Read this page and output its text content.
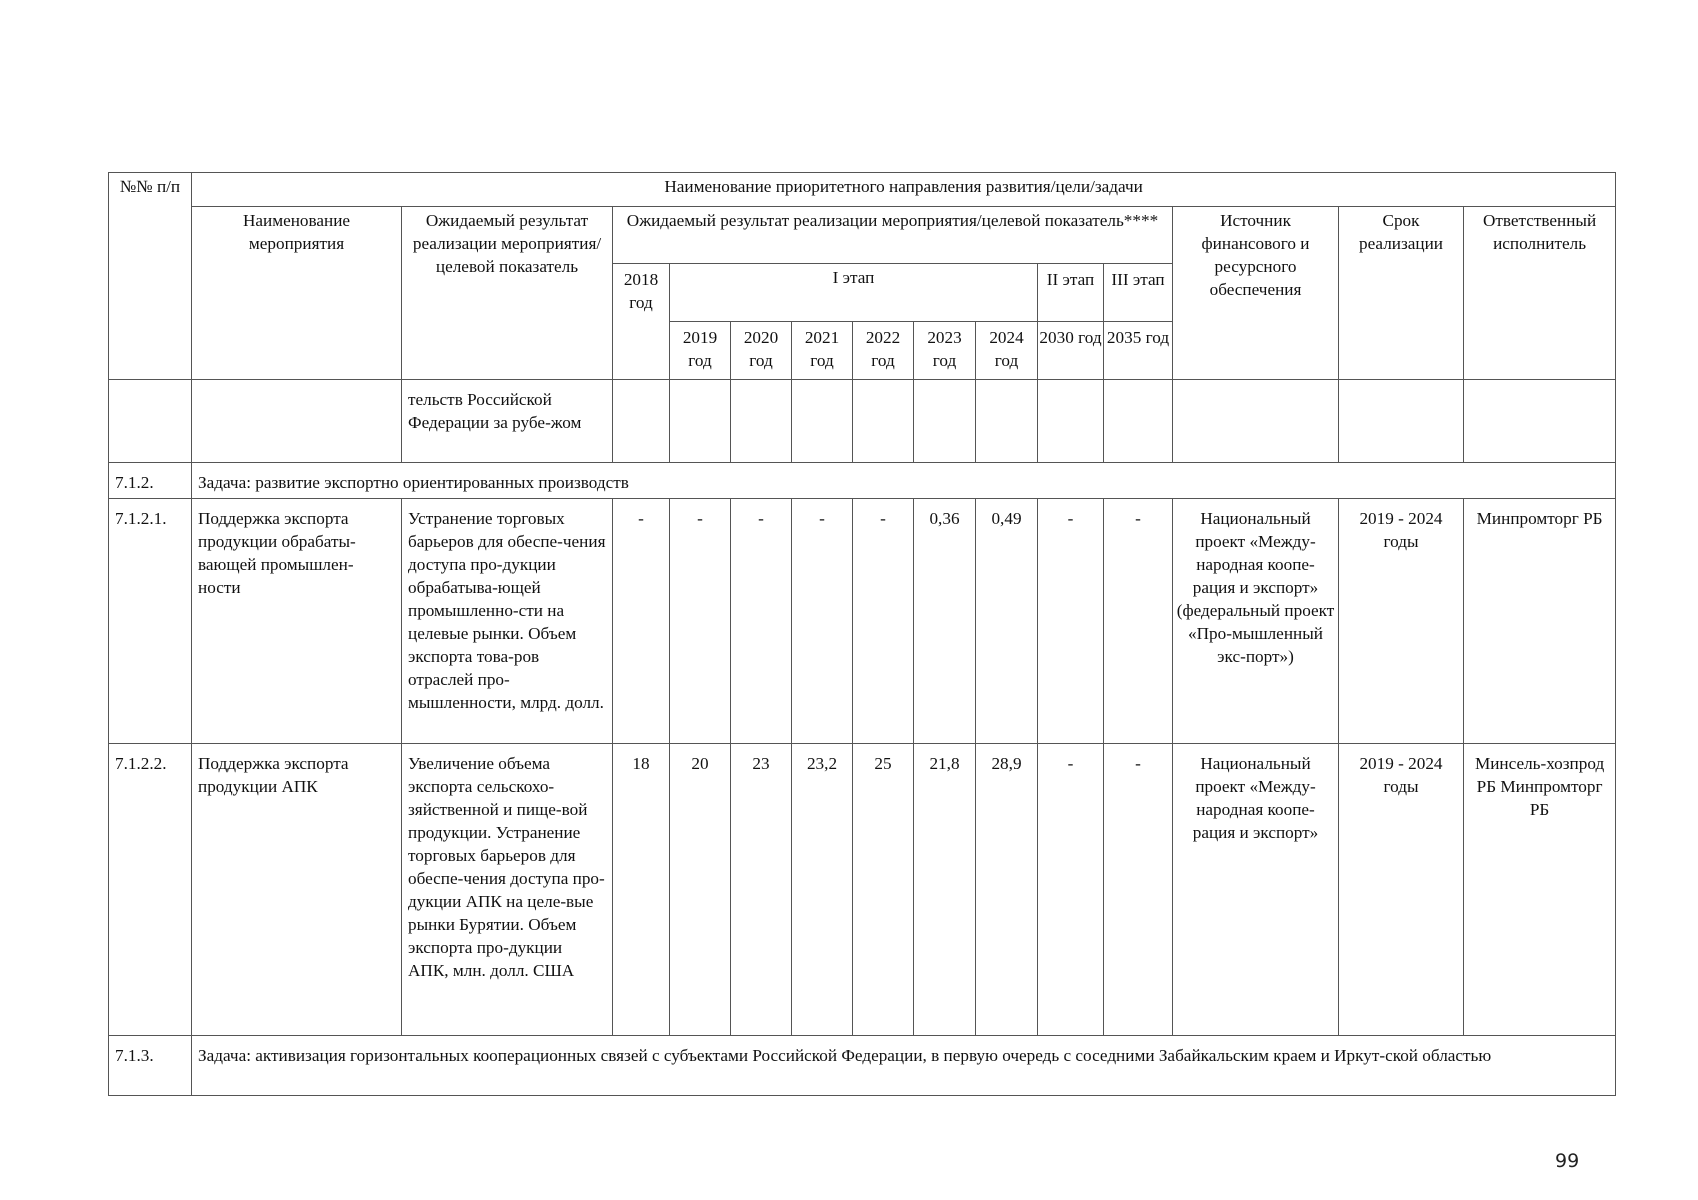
№№ п/п	Наименование приоритетного направления развития/цели/задачи													
	Наименование мероприятия	Ожидаемый результат реализации мероприятия/целевой показатель	Ожидаемый результат реализации мероприятия/целевой показатель****									Источник финансового и ресурсного обеспечения	Срок реализации	Ответственный исполнитель
			2018 год	I этап						II этап	III этап			
				2019 год	2020 год	2021 год	2022 год	2023 год	2024 год	2030 год	2035 год			
		тельств Российской Федерации за рубе-жом												
7.1.2.	Задача: развитие экспортно ориентированных производств													
7.1.2.1.	Поддержка экспорта продукции обрабаты-вающей промышлен-ности	Устранение торговых барьеров для обеспе-чения доступа про-дукции обрабатыва-ющей промышленно-сти на целевые рынки. Объем экспорта това-ров отраслей про-мышленности, млрд. долл.	-	-	-	-	-	0,36	0,49	-	-	Национальный проект «Между-народная коопе-рация и экспорт» (федеральный проект «Про-мышленный экс-порт»)	2019 - 2024 годы	Минпромторг РБ
7.1.2.2.	Поддержка экспорта продукции АПК	Увеличение объема экспорта сельскохо-зяйственной и пище-вой продукции. Устранение торговых барьеров для обеспе-чения доступа про-дукции АПК на целе-вые рынки Бурятии. Объем экспорта про-дукции АПК, млн. долл. США	18	20	23	23,2	25	21,8	28,9	-	-	Национальный проект «Между-народная коопе-рация и экспорт»	2019 - 2024 годы	Минсель-хозпрод РБ Минпромторг РБ
7.1.3.	Задача: активизация горизонтальных кооперационных связей с субъектами Российской Федерации, в первую очередь с соседними Забайкальским краем и Иркут-ской областью													
99
